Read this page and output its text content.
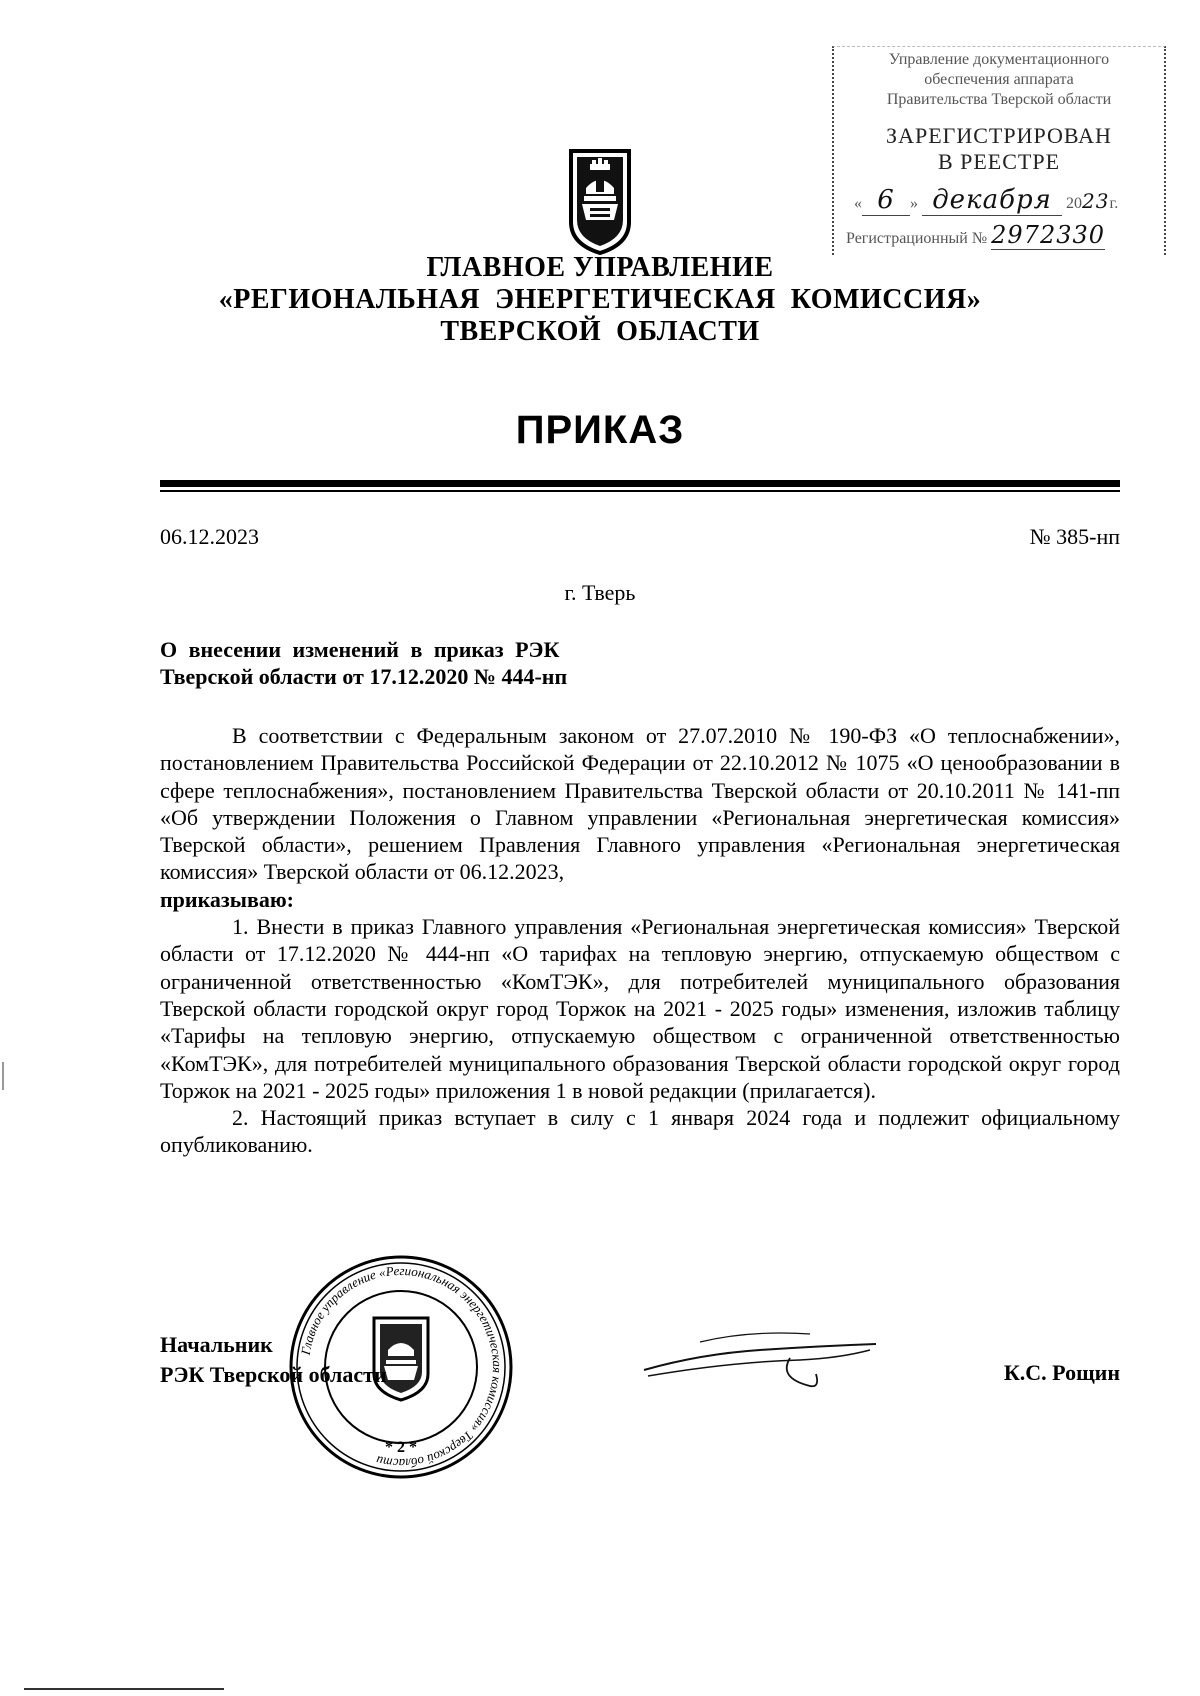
Управление документационного
обеспечения аппарата
Правительства Тверской области
ЗАРЕГИСТРИРОВАН
В РЕЕСТРЕ
« 6 » декабря 2023г.
Регистрационный № 2972330
ГЛАВНОЕ УПРАВЛЕНИЕ
«РЕГИОНАЛЬНАЯ  ЭНЕРГЕТИЧЕСКАЯ  КОМИССИЯ»
ТВЕРСКОЙ  ОБЛАСТИ
ПРИКАЗ
06.12.2023	№ 385-нп
г. Тверь
О внесении изменений в приказ РЭК
Тверской области от 17.12.2020 № 444-нп

В соответствии с Федеральным законом от 27.07.2010 № 190-ФЗ «О теплоснабжении», постановлением Правительства Российской Федерации от 22.10.2012 № 1075 «О ценообразовании в сфере теплоснабжения», постановлением Правительства Тверской области от 20.10.2011 № 141-пп «Об утверждении Положения о Главном управлении «Региональная энергетическая комиссия» Тверской области», решением Правления Главного управления «Региональная энергетическая комиссия» Тверской области от 06.12.2023,

приказываю:

1. Внести в приказ Главного управления «Региональная энергетическая комиссия» Тверской области от 17.12.2020 № 444-нп «О тарифах на тепловую энергию, отпускаемую обществом с ограниченной ответственностью «КомТЭК», для потребителей муниципального образования Тверской области городской округ город Торжок на 2021 - 2025 годы» изменения, изложив таблицу «Тарифы на тепловую энергию, отпускаемую обществом с ограниченной ответственностью «КомТЭК», для потребителей муниципального образования Тверской области городской округ город Торжок на 2021 - 2025 годы» приложения 1 в новой редакции (прилагается).

2. Настоящий приказ вступает в силу с 1 января 2024 года и подлежит официальному опубликованию.

Главное управление «Региональная энергетическая комиссия» Тверской области
* 2 *
Начальник
РЭК Тверской области	К.С. Рощин
